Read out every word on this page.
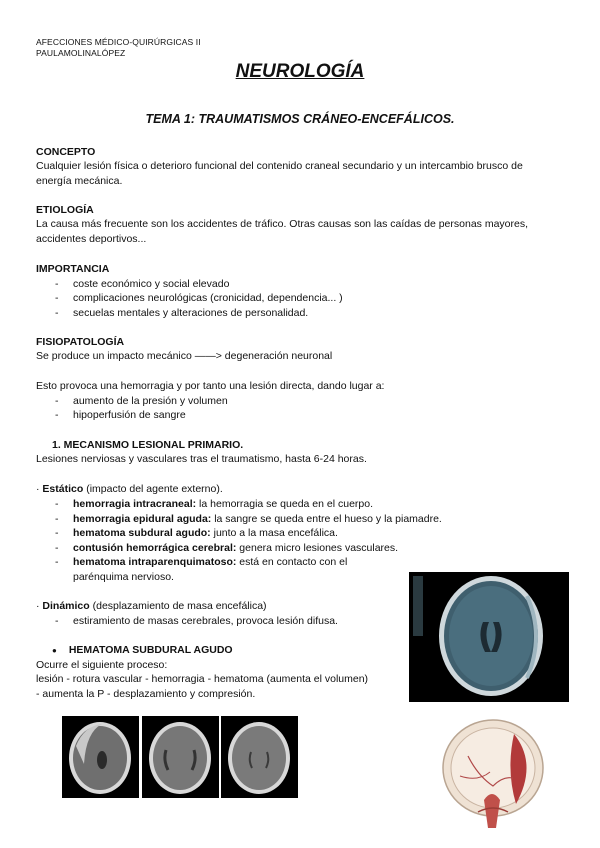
AFECCIONES MÉDICO-QUIRÚRGICAS II
PAULAMOLINALÓPEZ
NEUROLOGÍA
TEMA 1: TRAUMATISMOS CRÁNEO-ENCEFÁLICOS.
CONCEPTO
Cualquier lesión física o deterioro funcional del contenido craneal secundario y un intercambio brusco de
energía mecánica.
ETIOLOGÍA
La causa más frecuente son los accidentes de tráfico. Otras causas son las caídas de personas mayores,
accidentes deportivos...
IMPORTANCIA
- coste económico y social elevado
- complicaciones neurológicas (cronicidad, dependencia... )
- secuelas mentales y alteraciones de personalidad.
FISIOPATOLOGÍA
Se produce un impacto mecánico ——> degeneración neuronal
Esto provoca una hemorragia y por tanto una lesión directa, dando lugar a:
- aumento de la presión y volumen
- hipoperfusión de sangre
1. MECANISMO LESIONAL PRIMARIO.
Lesiones nerviosas y vasculares tras el traumatismo, hasta 6-24 horas.
· Estático (impacto del agente externo).
- hemorragia intracraneal: la hemorragia se queda en el cuerpo.
- hemorragia epidural aguda: la sangre se queda entre el hueso y la piamadre.
- hematoma subdural agudo: junto a la masa encefálica.
- contusión hemorrágica cerebral: genera micro lesiones vasculares.
- hematoma intraparenquimatoso: está en contacto con el
parénquima nervioso.
· Dinámico (desplazamiento de masa encefálica)
- estiramiento de masas cerebrales, provoca lesión difusa.
● HEMATOMA SUBDURAL AGUDO
Ocurre el siguiente proceso:
lesión - rotura vascular - hemorragia - hematoma (aumenta el volumen)
- aumenta la P - desplazamiento y compresión.
